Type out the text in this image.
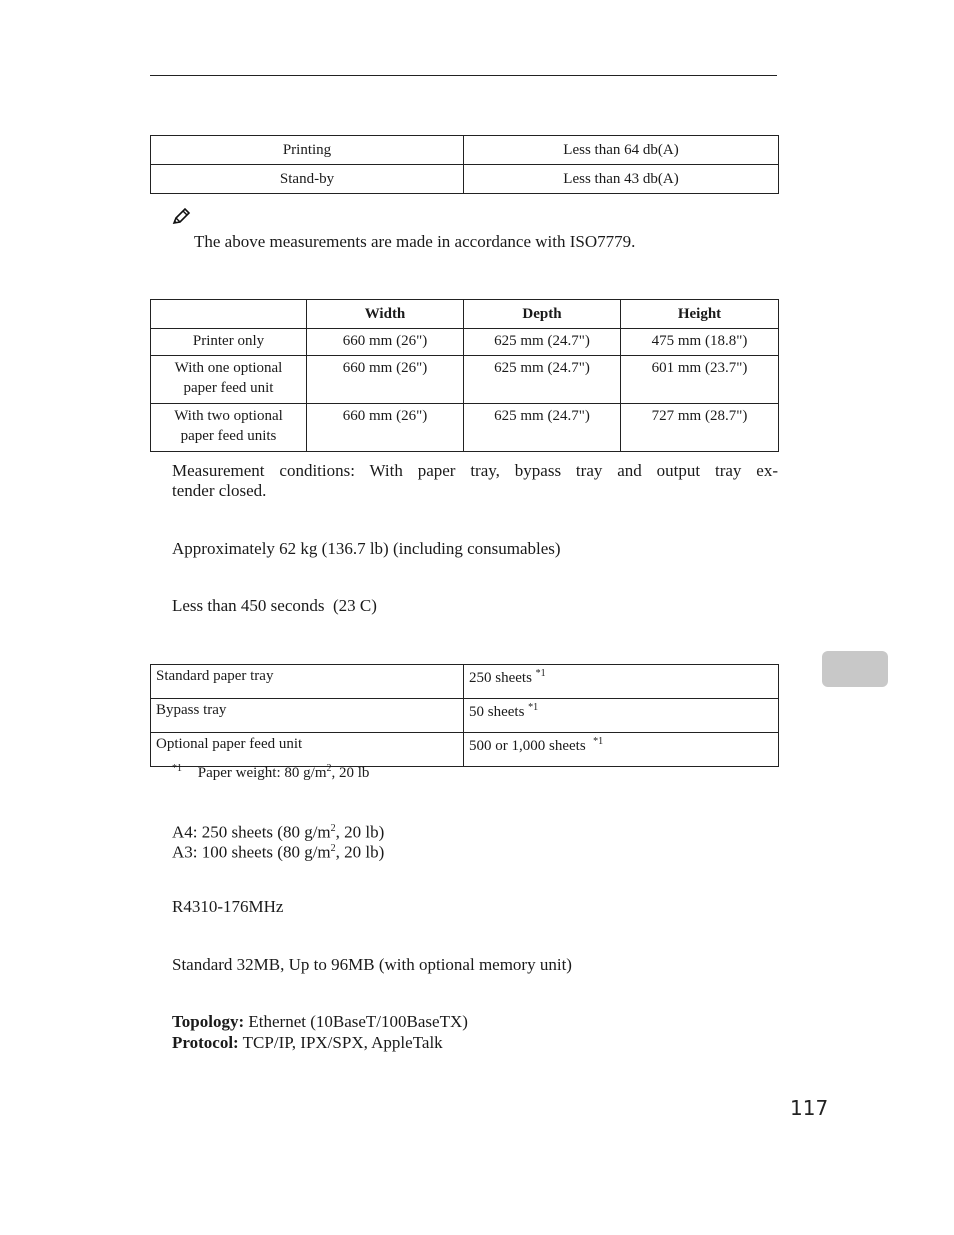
Printing	Less than 64 db(A)
Stand-by	Less than 43 db(A)
The above measurements are made in accordance with ISO7779.
	Width	Depth	Height
Printer only	660 mm (26")	625 mm (24.7")	475 mm (18.8")
With one optional
paper feed unit	660 mm (26")	625 mm (24.7")	601 mm (23.7")
With two optional
paper feed units	660 mm (26")	625 mm (24.7")	727 mm (28.7")
Measurement conditions: With paper tray, bypass tray and output tray ex-
tender closed.
Approximately 62 kg (136.7 lb) (including consumables)
Less than 450 seconds  (23 C)
Standard paper tray	250 sheets $^{*1}$
Bypass tray	50 sheets $^{*1}$
Optional paper feed unit	500 or 1,000 sheets  $^{*1}$
$^{*1}$ Paper weight: 80 $g/m^2$, 20 lb
A4: 250 sheets (80 $g/m^2$, 20 lb)
A3: 100 sheets (80 $g/m^2$, 20 lb)
R4310-176MHz
Standard 32MB, Up to 96MB (with optional memory unit)
Topology: Ethernet (10BaseT/100BaseTX)
Protocol: TCP/IP, IPX/SPX, AppleTalk
117
